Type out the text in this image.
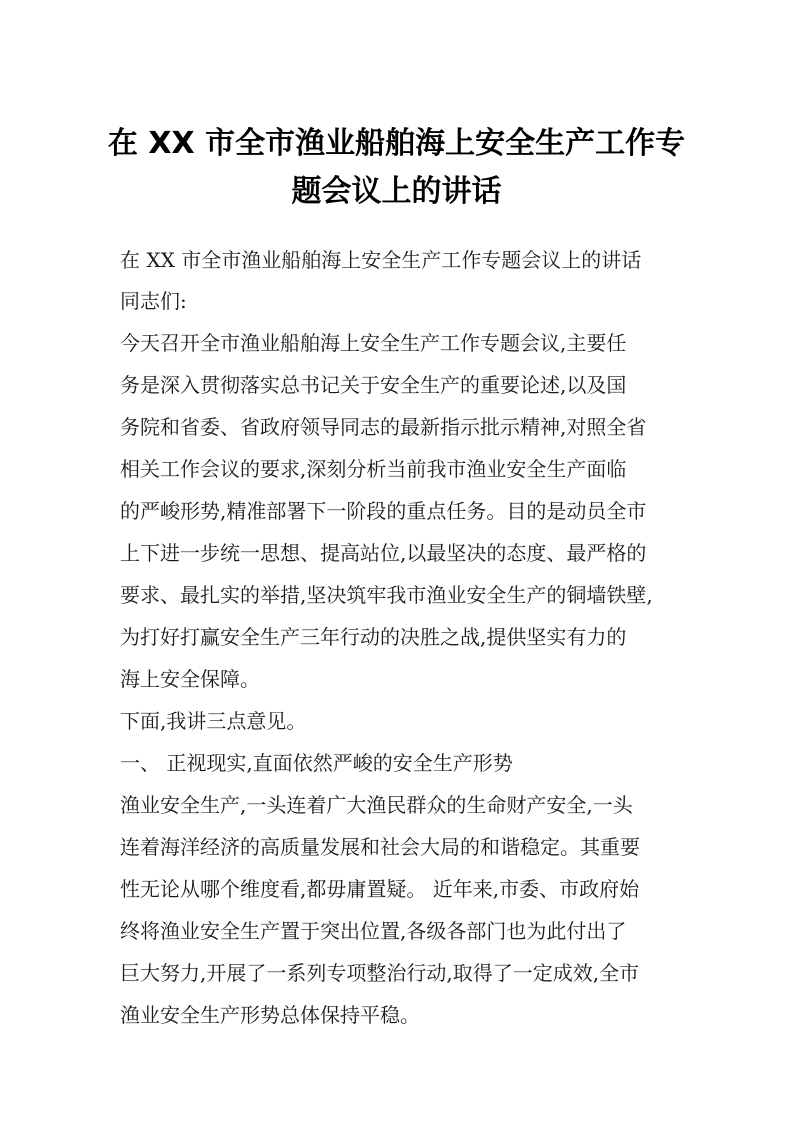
在 XX 市全市渔业船舶海上安全生产工作专
题会议上的讲话

在 XX 市全市渔业船舶海上安全生产工作专题会议上的讲话

同志们:

今天召开全市渔业船舶海上安全生产工作专题会议,主要任

务是深入贯彻落实总书记关于安全生产的重要论述,以及国

务院和省委、省政府领导同志的最新指示批示精神,对照全省

相关工作会议的要求,深刻分析当前我市渔业安全生产面临

的严峻形势,精准部署下一阶段的重点任务。目的是动员全市

上下进一步统一思想、提高站位,以最坚决的态度、最严格的

要求、最扎实的举措,坚决筑牢我市渔业安全生产的铜墙铁壁,

为打好打赢安全生产三年行动的决胜之战,提供坚实有力的

海上安全保障。

下面,我讲三点意见。

一、 正视现实,直面依然严峻的安全生产形势

渔业安全生产,一头连着广大渔民群众的生命财产安全,一头

连着海洋经济的高质量发展和社会大局的和谐稳定。其重要

性无论从哪个维度看,都毋庸置疑。 近年来,市委、市政府始

终将渔业安全生产置于突出位置,各级各部门也为此付出了

巨大努力,开展了一系列专项整治行动,取得了一定成效,全市

渔业安全生产形势总体保持平稳。
